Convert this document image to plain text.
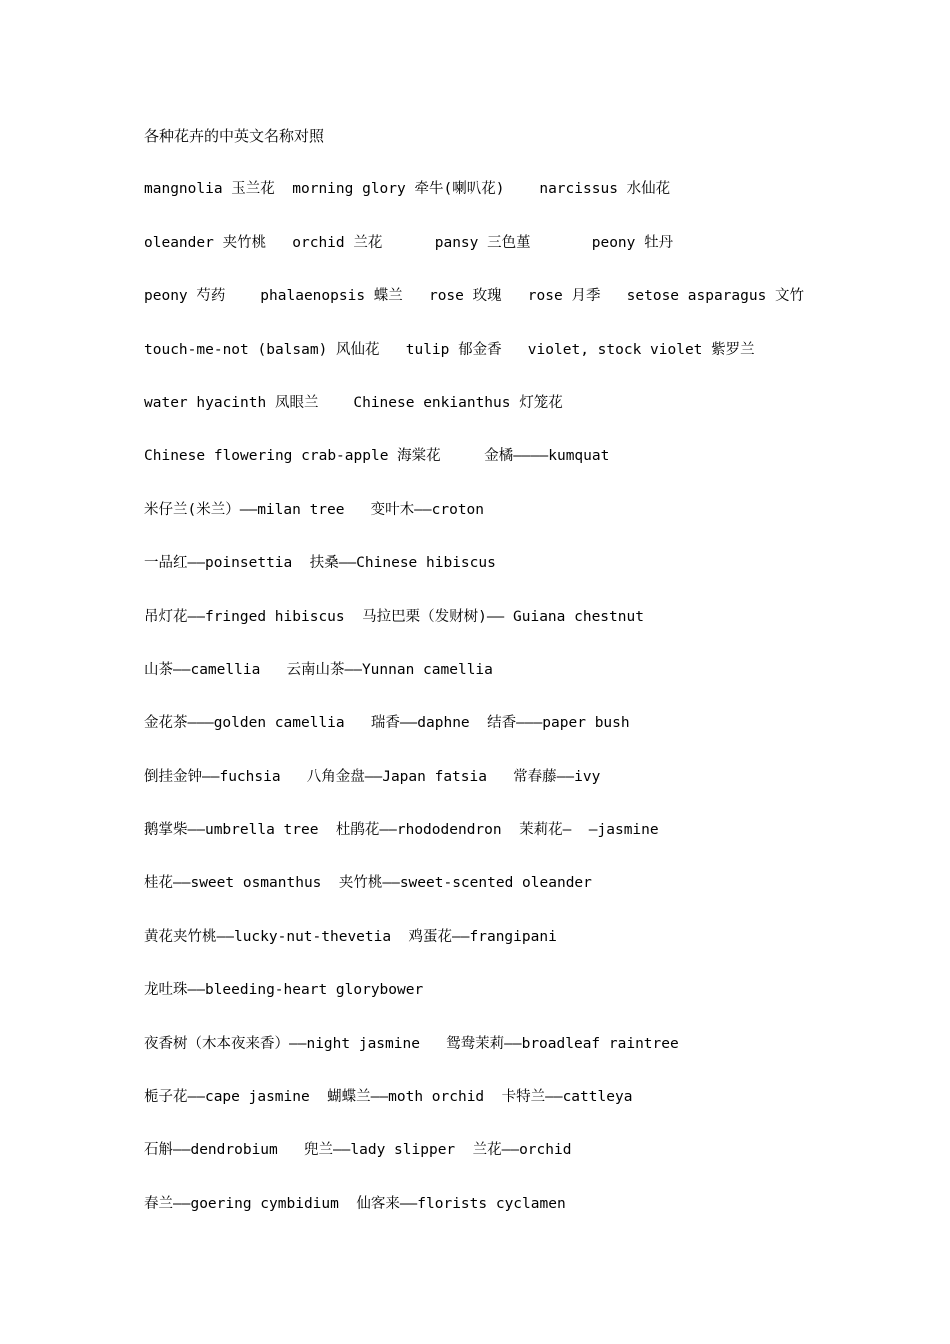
各种花卉的中英文名称对照
mangnolia 玉兰花  morning glory 牵牛(喇叭花)    narcissus 水仙花
oleander 夹竹桃   orchid 兰花      pansy 三色堇       peony 牡丹
peony 芍药    phalaenopsis 蝶兰   rose 玫瑰   rose 月季   setose asparagus 文竹
touch-me-not (balsam) 风仙花   tulip 郁金香   violet, stock violet 紫罗兰
water hyacinth 凤眼兰    Chinese enkianthus 灯笼花
Chinese flowering crab-apple 海棠花     金橘————kumquat
米仔兰(米兰）——milan tree   变叶木——croton
一品红——poinsettia  扶桑——Chinese hibiscus
吊灯花——fringed hibiscus  马拉巴栗（发财树)—— Guiana chestnut
山茶——camellia   云南山茶——Yunnan camellia
金花茶———golden camellia   瑞香——daphne  结香———paper bush
倒挂金钟——fuchsia   八角金盘——Japan fatsia   常春藤——ivy
鹅掌柴——umbrella tree  杜鹃花——rhododendron  茉莉花—  —jasmine
桂花——sweet osmanthus  夹竹桃——sweet-scented oleander
黄花夹竹桃——lucky-nut-thevetia  鸡蛋花——frangipani
龙吐珠——bleeding-heart glorybower
夜香树（木本夜来香）——night jasmine   鸳鸯茉莉——broadleaf raintree
栀子花——cape jasmine  蝴蝶兰——moth orchid  卡特兰——cattleya
石斛——dendrobium   兜兰——lady slipper  兰花——orchid
春兰——goering cymbidium  仙客来——florists cyclamen
